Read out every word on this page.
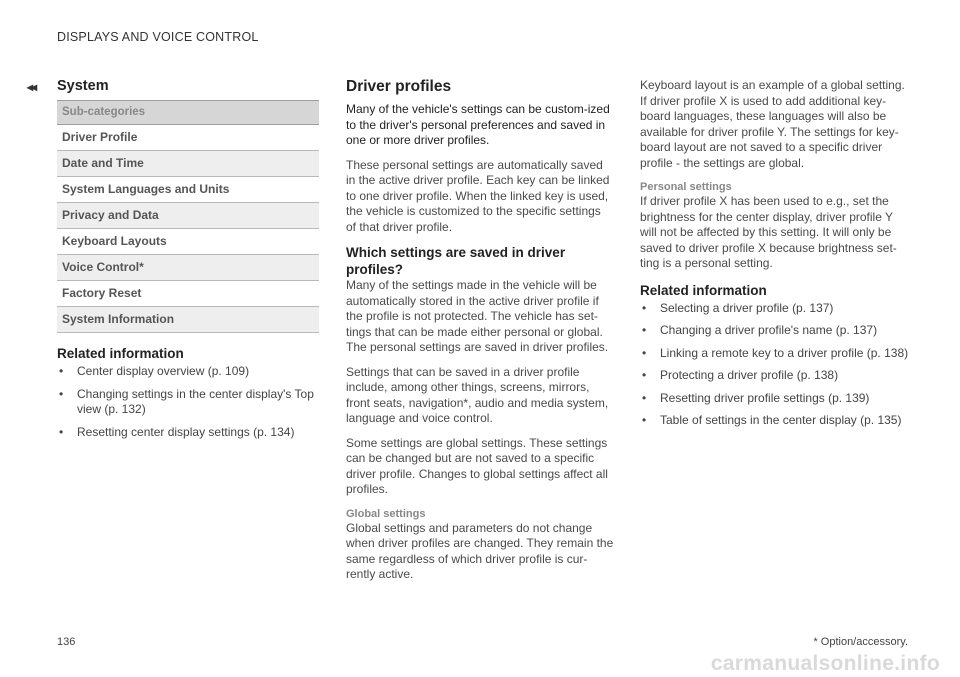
DISPLAYS AND VOICE CONTROL
◂◂ System
Sub-categories
Driver Profile
Date and Time
System Languages and Units
Privacy and Data
Keyboard Layouts
Voice Control*
Factory Reset
System Information
Related information
• Center display overview (p. 109)
• Changing settings in the center display's Top view (p. 132)
• Resetting center display settings (p. 134)
Driver profiles

Many of the vehicle's settings can be custom-ized to the driver's personal preferences and saved in one or more driver profiles.

These personal settings are automatically saved in the active driver profile. Each key can be linked to one driver profile. When the linked key is used, the vehicle is customized to the specific settings of that driver profile.

Which settings are saved in driver profiles?

Many of the settings made in the vehicle will be automatically stored in the active driver profile if the profile is not protected. The vehicle has set-tings that can be made either personal or global. The personal settings are saved in driver profiles.

Settings that can be saved in a driver profile include, among other things, screens, mirrors, front seats, navigation*, audio and media system, language and voice control.

Some settings are global settings. These settings can be changed but are not saved to a specific driver profile. Changes to global settings affect all profiles.

Global settings

Global settings and parameters do not change when driver profiles are changed. They remain the same regardless of which driver profile is cur-rently active.

Keyboard layout is an example of a global setting. If driver profile X is used to add additional key-board languages, these languages will also be available for driver profile Y. The settings for key-board layout are not saved to a specific driver profile - the settings are global.

Personal settings

If driver profile X has been used to e.g., set the brightness for the center display, driver profile Y will not be affected by this setting. It will only be saved to driver profile X because brightness set-ting is a personal setting.

Related information
• Selecting a driver profile (p. 137)
• Changing a driver profile's name (p. 137)
• Linking a remote key to a driver profile (p. 138)
• Protecting a driver profile (p. 138)
• Resetting driver profile settings (p. 139)
• Table of settings in the center display (p. 135)
136	* Option/accessory.
carmanualsonline.info
